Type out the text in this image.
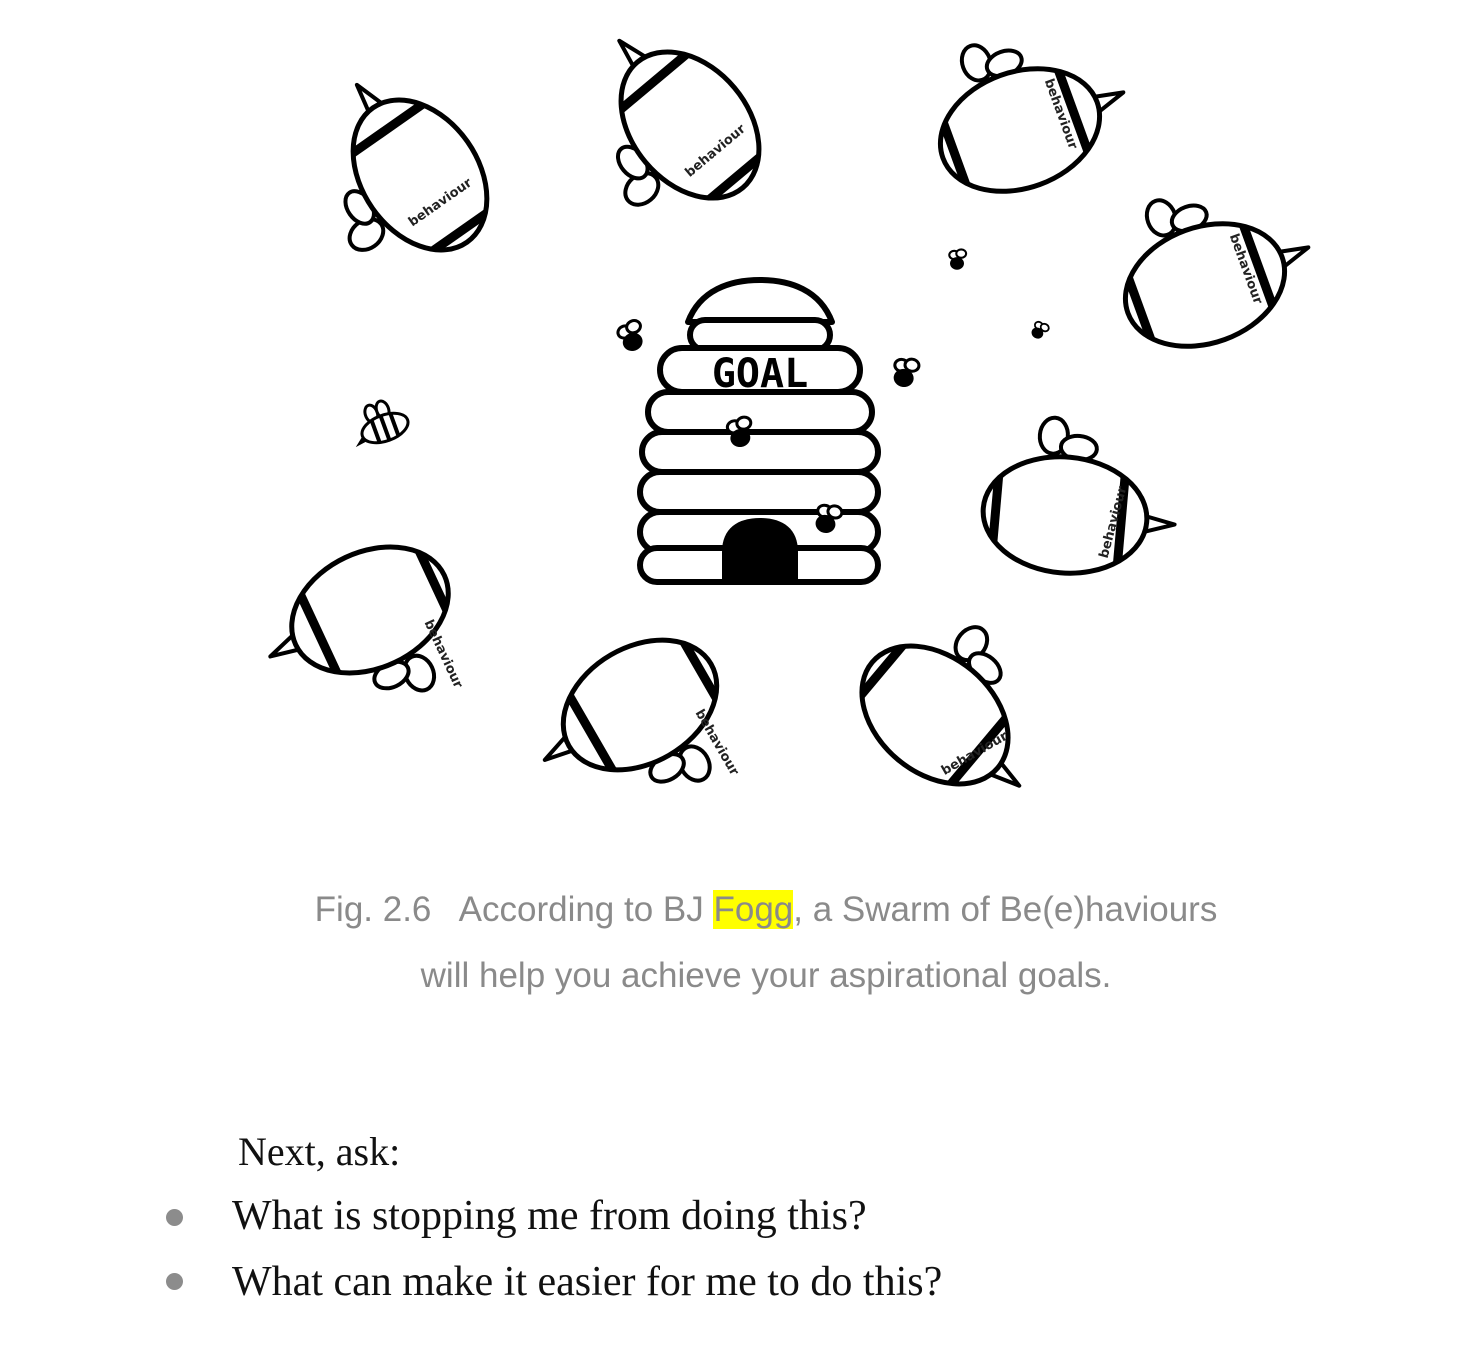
behaviour
behaviour	behaviour
behaviour
behaviour
behaviour
behaviour	behaviour
GOAL
Fig. 2.6   According to BJ Fogg, a Swarm of Be(e)haviours
will help you achieve your aspirational goals.
Next, ask:
What is stopping me from doing this?
What can make it easier for me to do this?
